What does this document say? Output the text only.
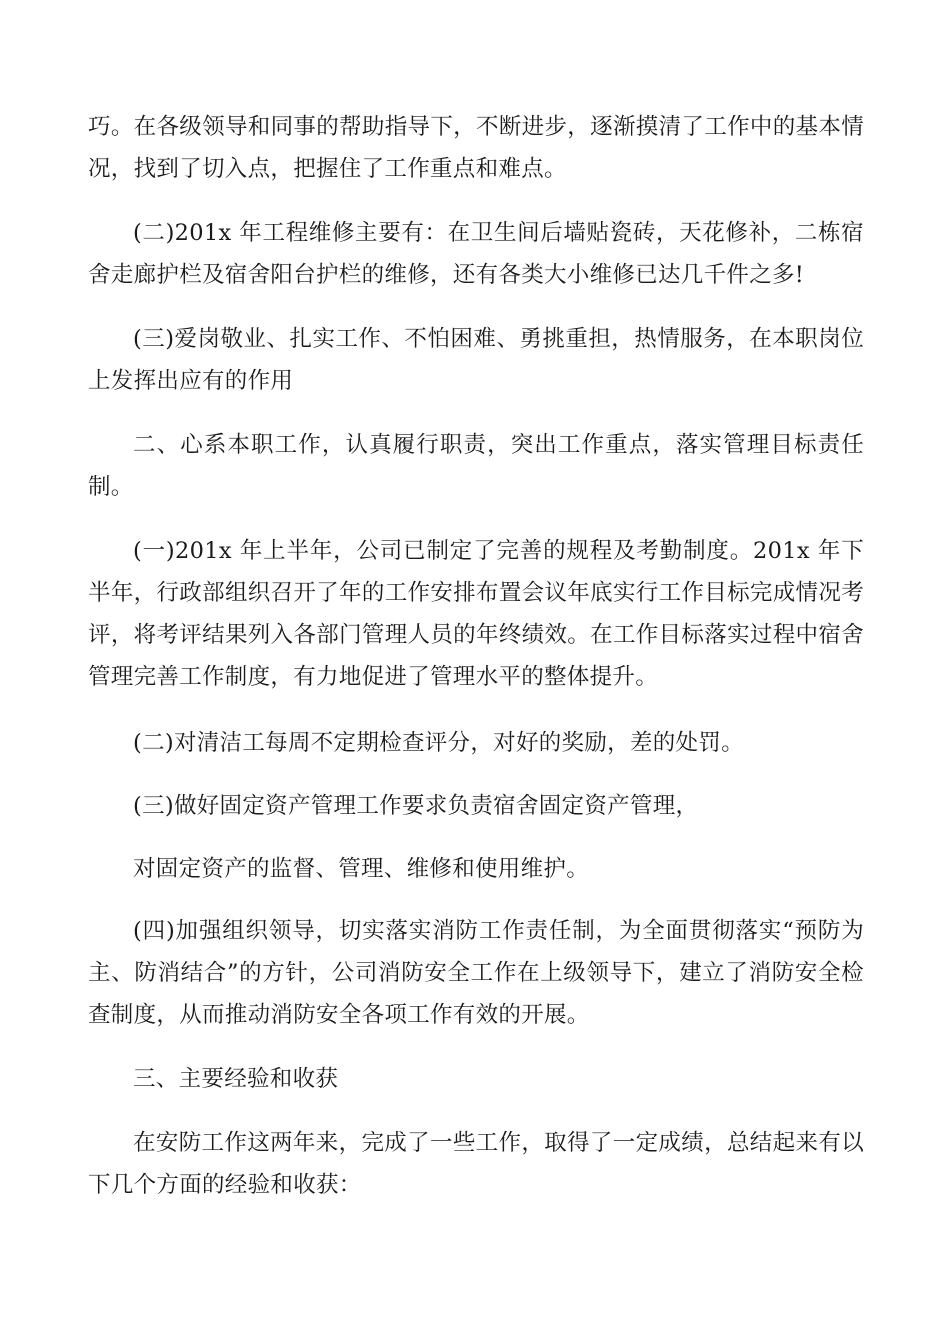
巧。在各级领导和同事的帮助指导下，不断进步，逐渐摸清了工作中的基本情况，找到了切入点，把握住了工作重点和难点。

(二)201x 年工程维修主要有：在卫生间后墙贴瓷砖，天花修补，二栋宿舍走廊护栏及宿舍阳台护栏的维修，还有各类大小维修已达几千件之多!

(三)爱岗敬业、扎实工作、不怕困难、勇挑重担，热情服务，在本职岗位上发挥出应有的作用

二、心系本职工作，认真履行职责，突出工作重点，落实管理目标责任制。

(一)201x 年上半年，公司已制定了完善的规程及考勤制度。201x 年下半年，行政部组织召开了年的工作安排布置会议年底实行工作目标完成情况考评，将考评结果列入各部门管理人员的年终绩效。在工作目标落实过程中宿舍管理完善工作制度，有力地促进了管理水平的整体提升。

(二)对清洁工每周不定期检查评分，对好的奖励，差的处罚。

(三)做好固定资产管理工作要求负责宿舍固定资产管理，

对固定资产的监督、管理、维修和使用维护。

(四)加强组织领导，切实落实消防工作责任制，为全面贯彻落实“预防为主、防消结合”的方针，公司消防安全工作在上级领导下，建立了消防安全检查制度，从而推动消防安全各项工作有效的开展。

三、主要经验和收获

在安防工作这两年来，完成了一些工作，取得了一定成绩，总结起来有以下几个方面的经验和收获：
